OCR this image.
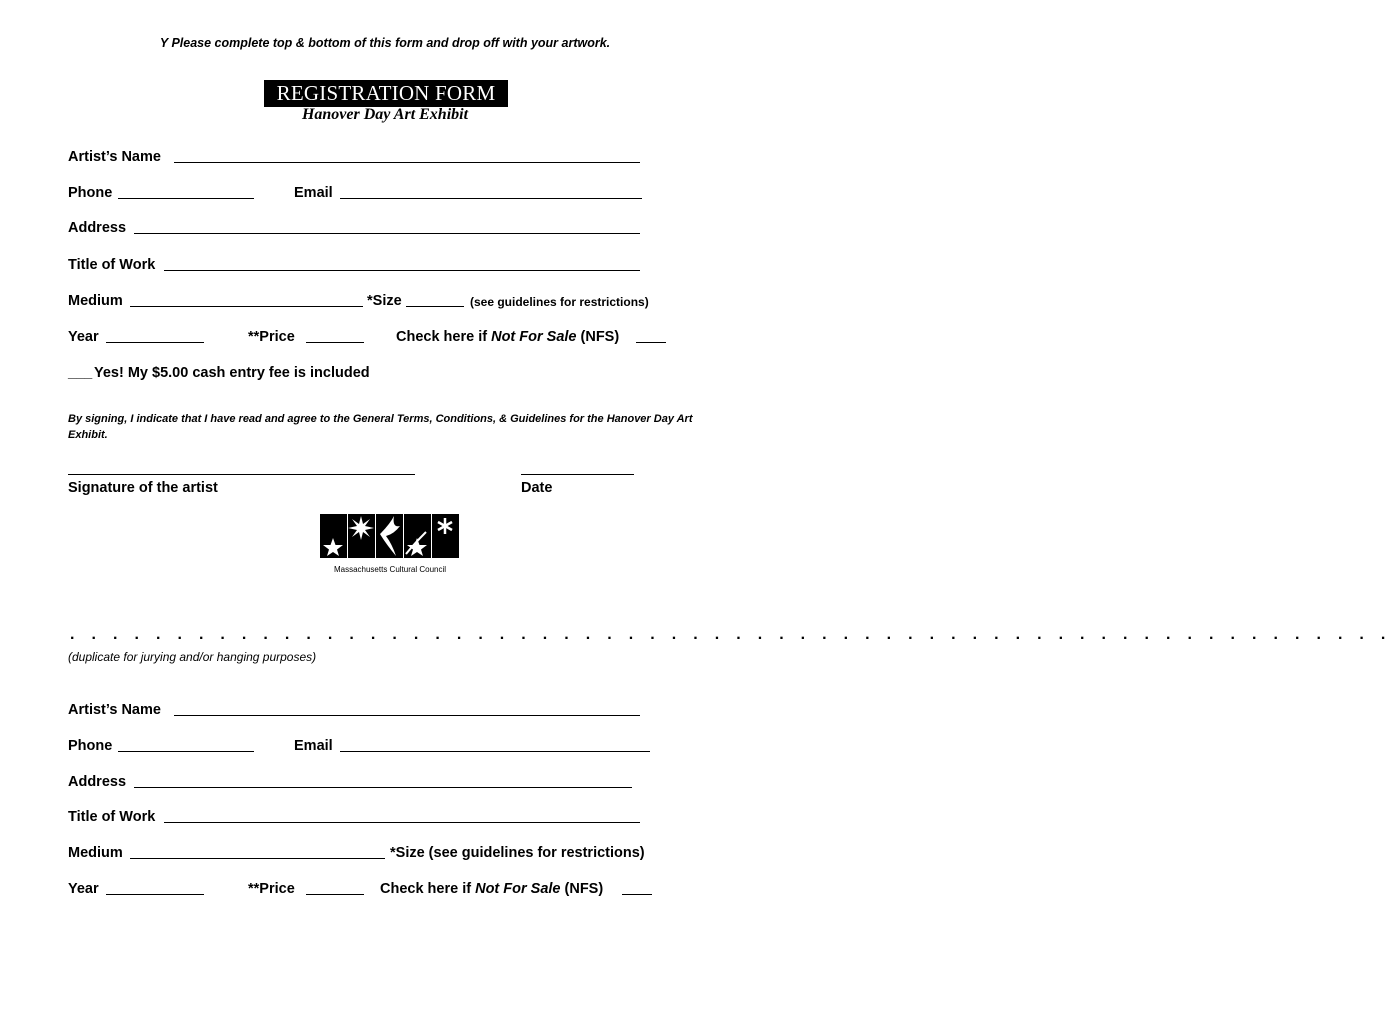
Y Please complete top & bottom of this form and drop off with your artwork.
REGISTRATION FORM
Hanover Day Art Exhibit
Artist’s Name
Phone	Email
Address
Title of Work
Medium	*Size	(see guidelines for restrictions)
Year	**Price	Check here if Not For Sale (NFS)
___ Yes! My $5.00 cash entry fee is included
By signing, I indicate that I have read and agree to the General Terms, Conditions, & Guidelines for the Hanover Day Art Exhibit.
Signature of the artist	Date
Massachusetts Cultural Council
. . . . . . . . . . . . . . . . . . . . . . . . . . . . . . . . . . . . . . . . . . . . . . . . . . . . . . . . . . . . . .
(duplicate for jurying and/or hanging purposes)
Artist’s Name
Phone	Email
Address
Title of Work
Medium	*Size (see guidelines for restrictions)
Year	**Price	Check here if Not For Sale (NFS)
